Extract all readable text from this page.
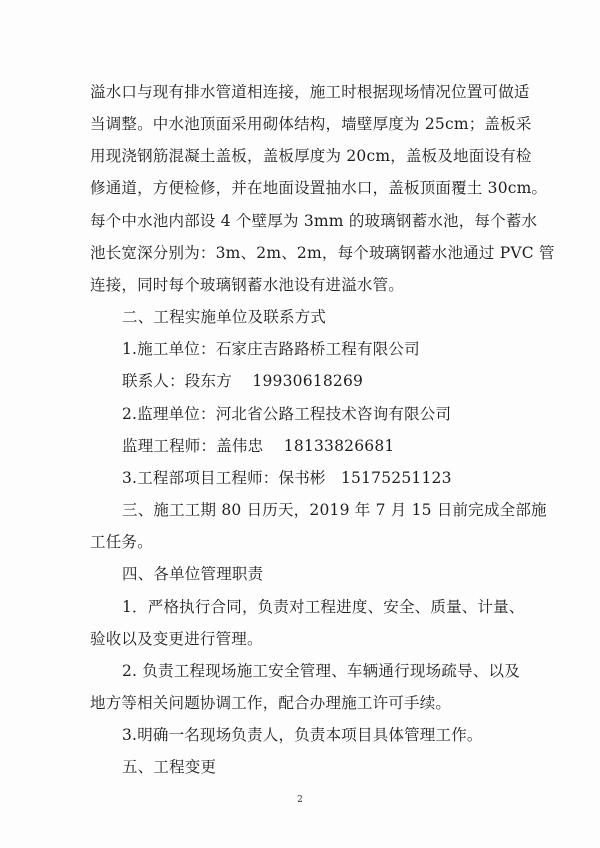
溢水口与现有排水管道相连接，施工时根据现场情况位置可做适
当调整。中水池顶面采用砌体结构，墙壁厚度为 25cm；盖板采
用现浇钢筋混凝土盖板，盖板厚度为 20cm，盖板及地面设有检
修通道，方便检修，并在地面设置抽水口，盖板顶面覆土 30cm。
每个中水池内部设 4 个壁厚为 3mm 的玻璃钢蓄水池，每个蓄水
池长宽深分别为：3m、2m、2m，每个玻璃钢蓄水池通过 PVC 管
连接，同时每个玻璃钢蓄水池设有进溢水管。
二、工程实施单位及联系方式
1.施工单位：石家庄吉路路桥工程有限公司
联系人：段东方    19930618269
2.监理单位：河北省公路工程技术咨询有限公司
监理工程师：盖伟忠    18133826681
3.工程部项目工程师：保书彬   15175251123
三、施工工期 80 日历天，2019 年 7 月 15 日前完成全部施
工任务。
四、各单位管理职责
1．严格执行合同，负责对工程进度、安全、质量、计量、
验收以及变更进行管理。
2. 负责工程现场施工安全管理、车辆通行现场疏导、以及
地方等相关问题协调工作，配合办理施工许可手续。
3.明确一名现场负责人，负责本项目具体管理工作。
五、工程变更
2
